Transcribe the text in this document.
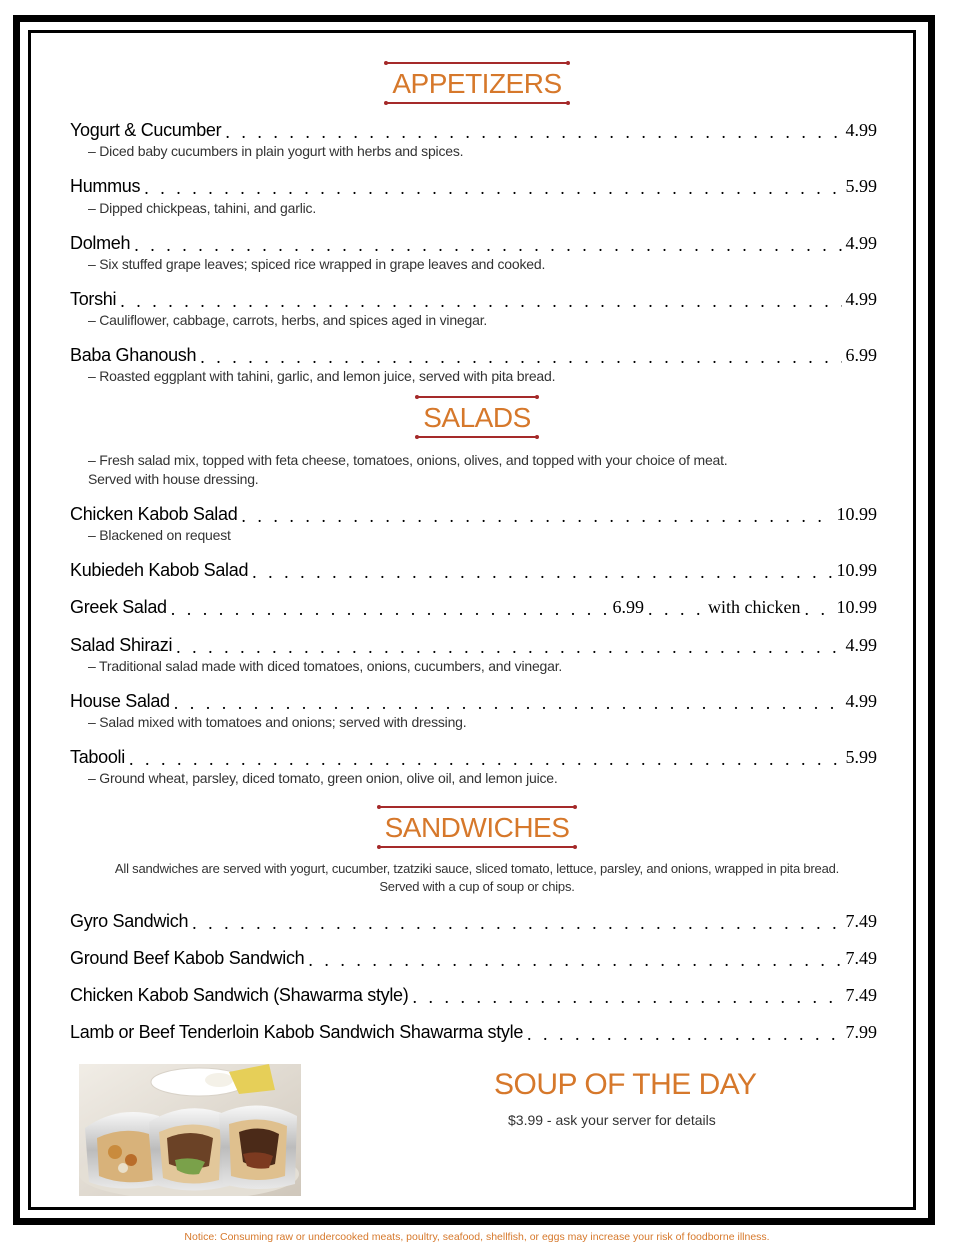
APPETIZERS
Yogurt & Cucumber . . .	4.99
– Diced baby cucumbers in plain yogurt with herbs and spices.
Hummus . . .	5.99
– Dipped chickpeas, tahini, and garlic.
Dolmeh . . .	4.99
– Six stuffed grape leaves; spiced rice wrapped in grape leaves and cooked.
Torshi . . .	4.99
– Cauliflower, cabbage, carrots, herbs, and spices aged in vinegar.
Baba Ghanoush . . .	6.99
– Roasted eggplant with tahini, garlic, and lemon juice, served with pita bread.
SALADS
– Fresh salad mix, topped with feta cheese, tomatoes, onions, olives, and topped with your choice of meat.
Served with house dressing.
Chicken Kabob Salad . . .	10.99
– Blackened on request
Kubiedeh Kabob Salad . . .	10.99
Greek Salad . . .	6.99 . . .	with chicken . . . 10.99
Salad Shirazi . . .	4.99
– Traditional salad made with diced tomatoes, onions, cucumbers, and vinegar.
House Salad . . .	4.99
– Salad mixed with tomatoes and onions; served with dressing.
Tabooli . . .	5.99
– Ground wheat, parsley, diced tomato, green onion, olive oil, and lemon juice.
SANDWICHES
All sandwiches are served with yogurt, cucumber, tzatziki sauce, sliced tomato, lettuce, parsley, and onions, wrapped in pita bread.
Served with a cup of soup or chips.
Gyro Sandwich . . .	7.49
Ground Beef Kabob Sandwich . . .	7.49
Chicken Kabob Sandwich (Shawarma style) . . .	7.49
Lamb or Beef Tenderloin Kabob Sandwich Shawarma style . . .	7.99
SOUP OF THE DAY
$3.99 - ask your server for details
Notice: Consuming raw or undercooked meats, poultry, seafood, shellfish, or eggs may increase your risk of foodborne illness.
